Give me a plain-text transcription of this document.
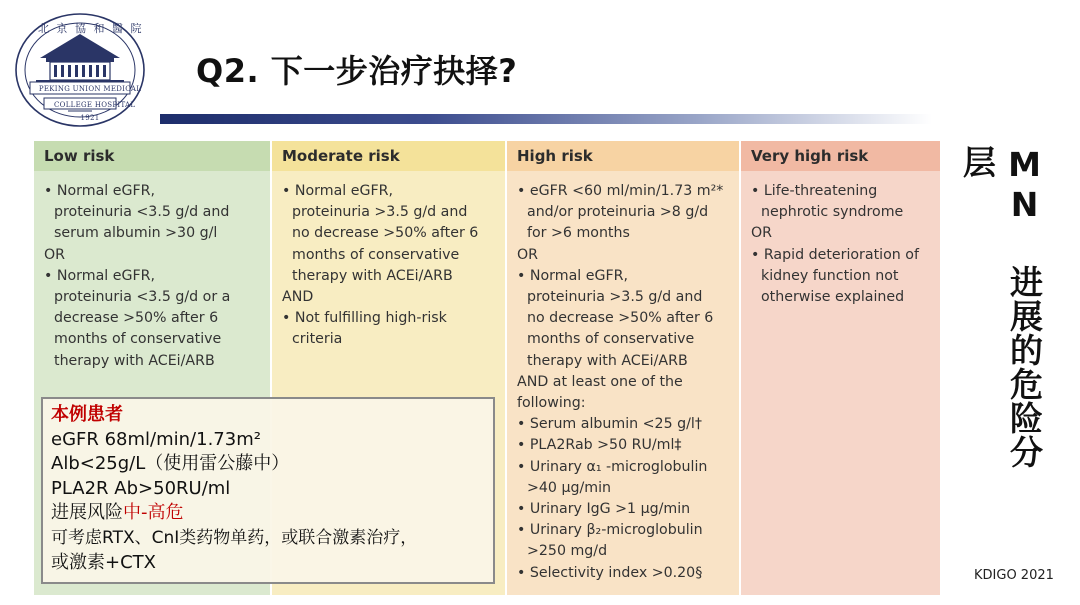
北 京 協 和 醫 院
PEKING UNION MEDICAL
COLLEGE HOSPITAL
1921
Q2. 下一步治疗抉择?
Low risk
• Normal eGFR,
proteinuria <3.5 g/d and
serum albumin >30 g/l
OR
• Normal eGFR,
proteinuria <3.5 g/d or a
decrease >50% after 6
months of conservative
therapy with ACEi/ARB
Moderate risk
• Normal eGFR,
proteinuria >3.5 g/d and
no decrease >50% after 6
months of conservative
therapy with ACEi/ARB
AND
• Not fulfilling high-risk
criteria
High risk
• eGFR <60 ml/min/1.73 m²*
and/or proteinuria >8 g/d
for >6 months
OR
• Normal eGFR,
proteinuria >3.5 g/d and
no decrease >50% after 6
months of conservative
therapy with ACEi/ARB
AND at least one of the
following:
• Serum albumin <25 g/l†
• PLA2Rab >50 RU/ml‡
• Urinary α₁ -microglobulin
>40 μg/min
• Urinary IgG >1 μg/min
• Urinary β₂-microglobulin
>250 mg/d
• Selectivity index >0.20§
Very high risk
• Life-threatening
nephrotic syndrome
OR
• Rapid deterioration of
kidney function not
otherwise explained
本例患者
eGFR 68ml/min/1.73m²
Alb<25g/L（使用雷公藤中）
PLA2R Ab>50RU/ml
进展风险中-高危
可考虑RTX、CnI类药物单药，或联合激素治疗，
或激素+CTX
MN 进展的危险分层
KDIGO 2021
